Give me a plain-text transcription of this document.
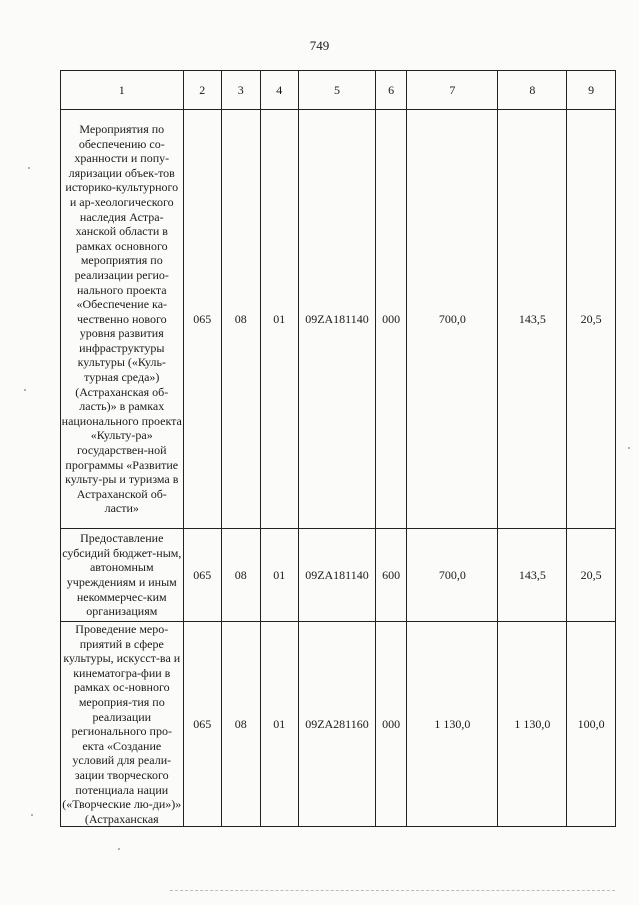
749
1	2	3	4	5	6	7	8	9
Мероприятия по обеспечению со-хранности и попу-ляризации объек-тов историко-культурного и ар-хеологического наследия Астра-ханской области в рамках основного мероприятия по реализации регио-нального проекта «Обеспечение ка-чественно нового уровня развития инфраструктуры культуры («Куль-турная среда») (Астраханская об-ласть)» в рамках национального проекта «Культу-ра» государствен-ной программы «Развитие культу-ры и туризма в Астраханской об-ласти»	065	08	01	09ZA181140	000	700,0	143,5	20,5
Предоставление субсидий бюджет-ным, автономным учреждениям и иным некоммерчес-ким организациям	065	08	01	09ZA181140	600	700,0	143,5	20,5
Проведение меро-приятий в сфере культуры, искусст-ва и кинематогра-фии в рамках ос-новного мероприя-тия по реализации регионального про-екта «Создание условий для реали-зации творческого потенциала нации («Творческие лю-ди»)» (Астраханская	065	08	01	09ZA281160	000	1 130,0	1 130,0	100,0
